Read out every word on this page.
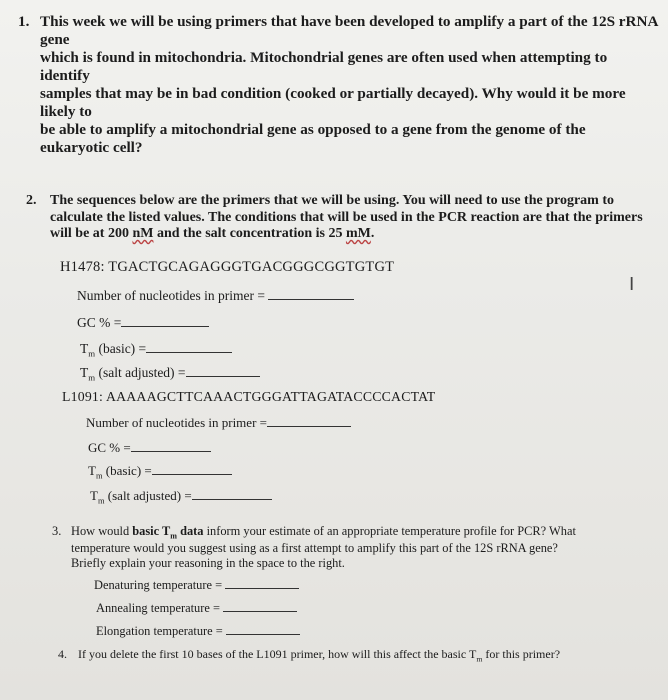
1. This week we will be using primers that have been developed to amplify a part of the 12S rRNA gene
which is found in mitochondria. Mitochondrial genes are often used when attempting to identify
samples that may be in bad condition (cooked or partially decayed). Why would it be more likely to
be able to amplify a mitochondrial gene as opposed to a gene from the genome of the eukaryotic cell?
2. The sequences below are the primers that we will be using. You will need to use the program to
calculate the listed values. The conditions that will be used in the PCR reaction are that the primers
will be at 200 nM and the salt concentration is 25 mM.
H1478: TGACTGCAGAGGGTGACGGGCGGTGTGT
Number of nucleotides in primer =
GC % =
$T_m$ (basic) =
$T_m$ (salt adjusted) =
L1091: AAAAAGCTTCAAACTGGGATTAGATACCCCACTAT
Number of nucleotides in primer =
GC % =
$T_m$ (basic) =
$T_m$ (salt adjusted) =
I
3. How would basic $T_m$ data inform your estimate of an appropriate temperature profile for PCR? What
temperature would you suggest using as a first attempt to amplify this part of the 12S rRNA gene?
Briefly explain your reasoning in the space to the right.
Denaturing temperature =
Annealing temperature =
Elongation temperature =
4. If you delete the first 10 bases of the L1091 primer, how will this affect the basic $T_m$ for this primer?
